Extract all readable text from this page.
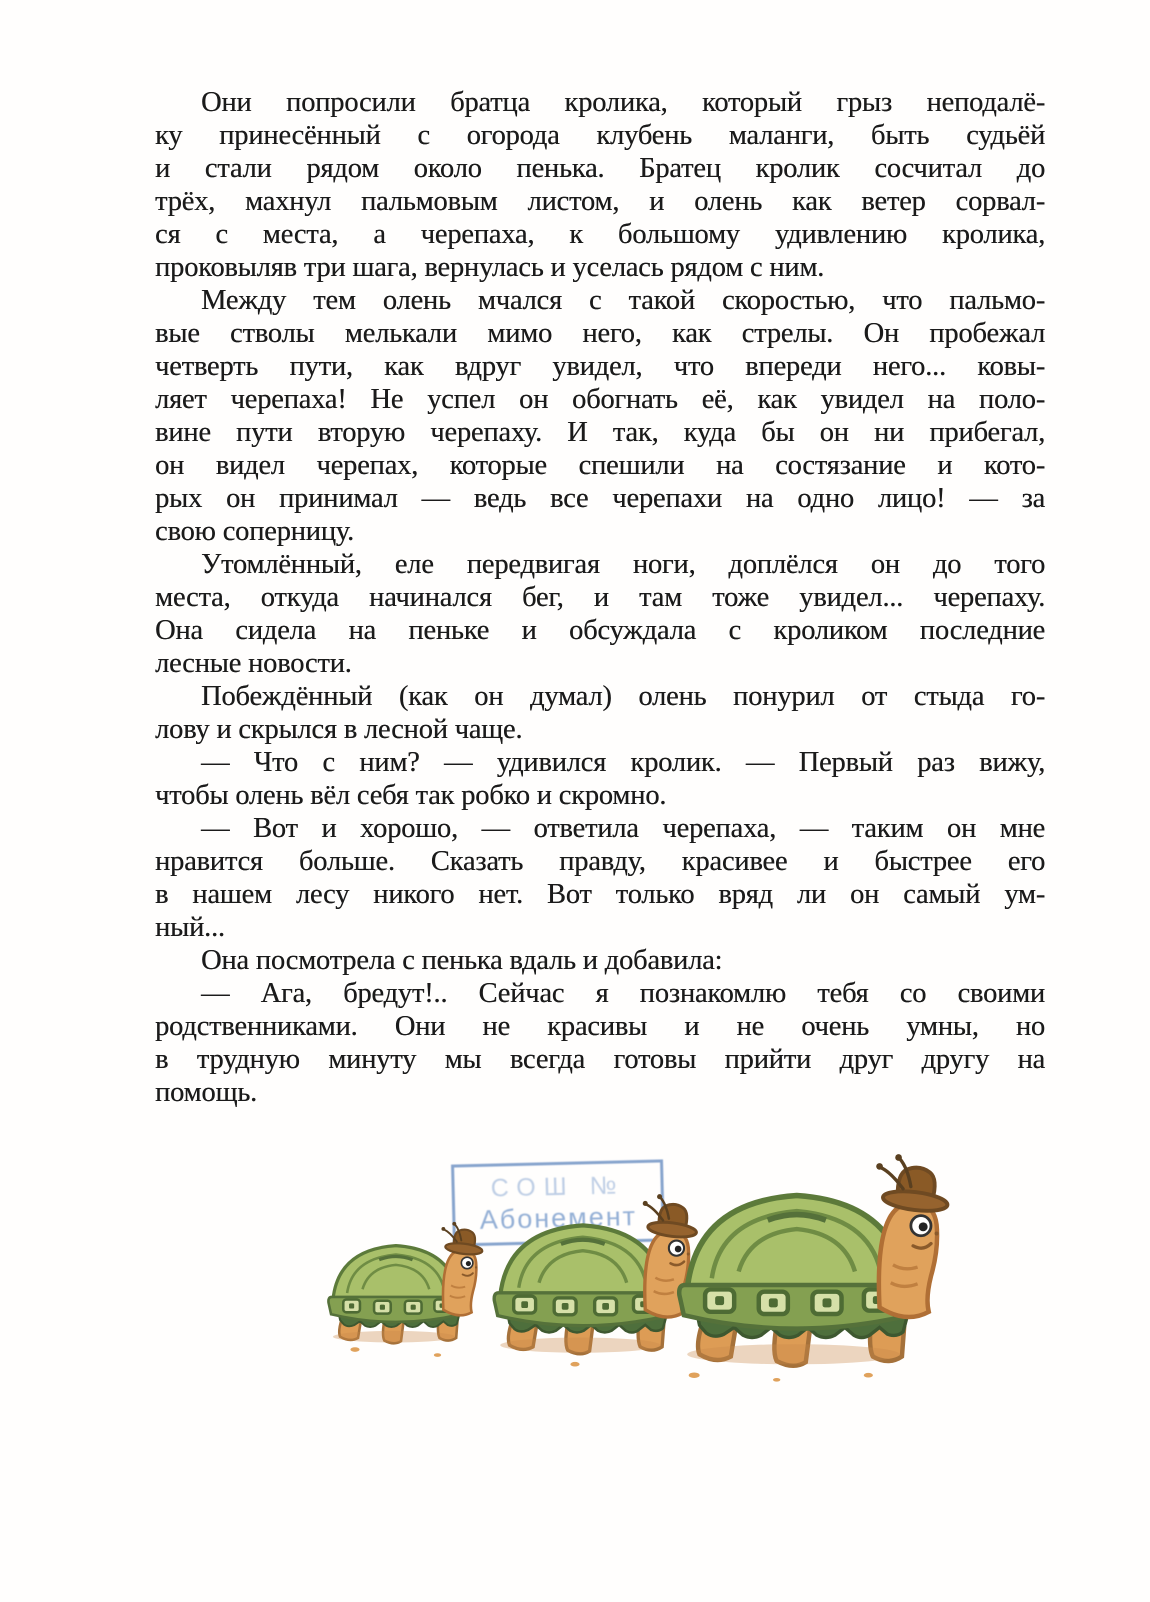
Они попросили братца кролика, который грыз неподалё-
ку принесённый с огорода клубень маланги, быть судьёй
и стали рядом около пенька. Братец кролик сосчитал до
трёх, махнул пальмовым листом, и олень как ветер сорвал-
ся с места, а черепаха, к большому удивлению кролика,
проковыляв три шага, вернулась и уселась рядом с ним.
Между тем олень мчался с такой скоростью, что пальмо-
вые стволы мелькали мимо него, как стрелы. Он пробежал
четверть пути, как вдруг увидел, что впереди него... ковы-
ляет черепаха! Не успел он обогнать её, как увидел на поло-
вине пути вторую черепаху. И так, куда бы он ни прибегал,
он видел черепах, которые спешили на состязание и кото-
рых он принимал — ведь все черепахи на одно лицо! — за
свою соперницу.
Утомлённый, еле передвигая ноги, доплёлся он до того
места, откуда начинался бег, и там тоже увидел... черепаху.
Она сидела на пеньке и обсуждала с кроликом последние
лесные новости.
Побеждённый (как он думал) олень понурил от стыда го-
лову и скрылся в лесной чаще.
— Что с ним? — удивился кролик. — Первый раз вижу,
чтобы олень вёл себя так робко и скромно.
— Вот и хорошо, — ответила черепаха, — таким он мне
нравится больше. Сказать правду, красивее и быстрее его
в нашем лесу никого нет. Вот только вряд ли он самый ум-
ный...
Она посмотрела с пенька вдаль и добавила:
— Ага, бредут!.. Сейчас я познакомлю тебя со своими
родственниками. Они не красивы и не очень умны, но
в трудную минуту мы всегда готовы прийти друг другу на
помощь.
СОШ №
Абонемент
